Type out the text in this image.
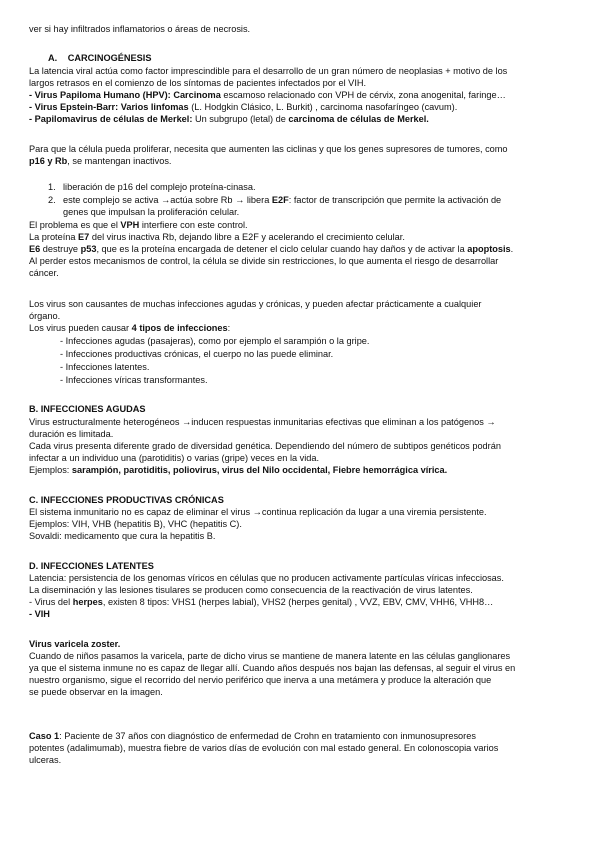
ver si hay infiltrados inflamatorios o áreas de necrosis.
A. CARCINOGÉNESIS
La latencia viral actúa como factor imprescindible para el desarrollo de un gran número de neoplasias + motivo de los
largos retrasos en el comienzo de los síntomas de pacientes infectados por el VIH.
- Virus Papiloma Humano (HPV): Carcinoma escamoso relacionado con VPH de cérvix, zona anogenital, faringe…
- Virus Epstein-Barr: Varios linfomas (L. Hodgkin Clásico, L. Burkit) , carcinoma nasofaríngeo (cavum).
- Papilomavirus de células de Merkel: Un subgrupo (letal) de carcinoma de células de Merkel.
Para que la célula pueda proliferar, necesita que aumenten las ciclinas y que los genes supresores de tumores, como
p16 y Rb, se mantengan inactivos.
1. liberación de p16 del complejo proteína-cinasa.
2. este complejo se activa →actúa sobre Rb → libera E2F: factor de transcripción que permite la activación de
genes que impulsan la proliferación celular.
El problema es que el VPH interfiere con este control.
La proteína E7 del virus inactiva Rb, dejando libre a E2F y acelerando el crecimiento celular.
E6 destruye p53, que es la proteína encargada de detener el ciclo celular cuando hay daños y de activar la apoptosis.
Al perder estos mecanismos de control, la célula se divide sin restricciones, lo que aumenta el riesgo de desarrollar
cáncer.
Los virus son causantes de muchas infecciones agudas y crónicas, y pueden afectar prácticamente a cualquier
órgano.
Los virus pueden causar 4 tipos de infecciones:
- Infecciones agudas (pasajeras), como por ejemplo el sarampión o la gripe.
- Infecciones productivas crónicas, el cuerpo no las puede eliminar.
- Infecciones latentes.
- Infecciones víricas transformantes.
B. INFECCIONES AGUDAS
Virus estructuralmente heterogéneos →inducen respuestas inmunitarias efectivas que eliminan a los patógenos →
duración es limitada.
Cada virus presenta diferente grado de diversidad genética. Dependiendo del número de subtipos genéticos podrán
infectar a un individuo una (parotiditis) o varias (gripe) veces en la vida.
Ejemplos: sarampión, parotiditis, poliovirus, virus del Nilo occidental, Fiebre hemorrágica vírica.
C. INFECCIONES PRODUCTIVAS CRÓNICAS
El sistema inmunitario no es capaz de eliminar el virus →continua replicación da lugar a una viremia persistente.
Ejemplos: VIH, VHB (hepatitis B), VHC (hepatitis C).
Sovaldi: medicamento que cura la hepatitis B.
D. INFECCIONES LATENTES
Latencia: persistencia de los genomas víricos en células que no producen activamente partículas víricas infecciosas.
La diseminación y las lesiones tisulares se producen como consecuencia de la reactivación de virus latentes.
- Virus del herpes, existen 8 tipos: VHS1 (herpes labial), VHS2 (herpes genital) , VVZ, EBV, CMV, VHH6, VHH8…
- VIH
Virus varicela zoster.
Cuando de niños pasamos la varicela, parte de dicho virus se mantiene de manera latente en las células ganglionares
ya que el sistema inmune no es capaz de llegar allí. Cuando años después nos bajan las defensas, al seguir el virus en
nuestro organismo, sigue el recorrido del nervio periférico que inerva a una metámera y produce la alteración que
se puede observar en la imagen.
Caso 1: Paciente de 37 años con diagnóstico de enfermedad de Crohn en tratamiento con inmunosupresores
potentes (adalimumab), muestra fiebre de varios días de evolución con mal estado general. En colonoscopia varios
ulceras.
